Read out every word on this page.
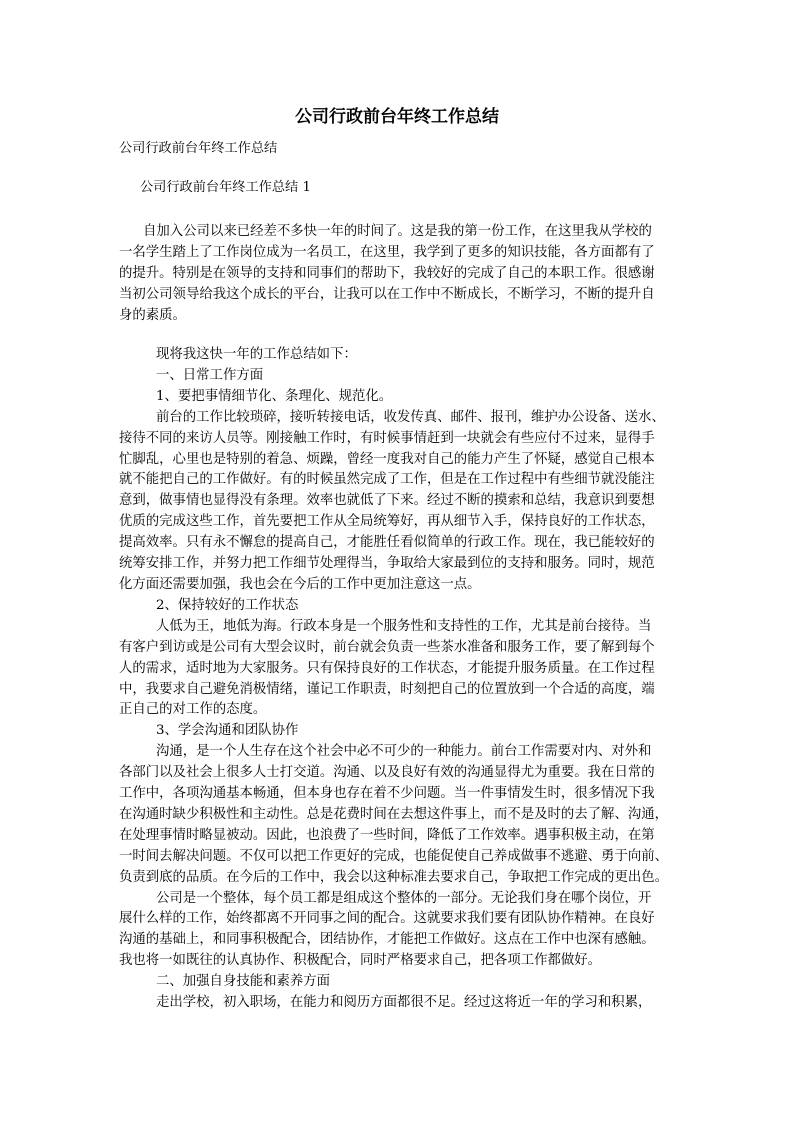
公司行政前台年终工作总结
公司行政前台年终工作总结
公司行政前台年终工作总结 1
自加入公司以来已经差不多快一年的时间了。这是我的第一份工作，在这里我从学校的
一名学生踏上了工作岗位成为一名员工，在这里，我学到了更多的知识技能，各方面都有了
的提升。特别是在领导的支持和同事们的帮助下，我较好的完成了自己的本职工作。很感谢
当初公司领导给我这个成长的平台，让我可以在工作中不断成长，不断学习，不断的提升自
身的素质。
现将我这快一年的工作总结如下：
一、日常工作方面
1、要把事情细节化、条理化、规范化。
前台的工作比较琐碎，接听转接电话，收发传真、邮件、报刊，维护办公设备、送水、
接待不同的来访人员等。刚接触工作时，有时候事情赶到一块就会有些应付不过来，显得手
忙脚乱，心里也是特别的着急、烦躁，曾经一度我对自己的能力产生了怀疑，感觉自己根本
就不能把自己的工作做好。有的时候虽然完成了工作，但是在工作过程中有些细节就没能注
意到，做事情也显得没有条理。效率也就低了下来。经过不断的摸索和总结，我意识到要想
优质的完成这些工作，首先要把工作从全局统筹好，再从细节入手，保持良好的工作状态，
提高效率。只有永不懈怠的提高自己，才能胜任看似简单的行政工作。现在，我已能较好的
统筹安排工作，并努力把工作细节处理得当，争取给大家最到位的支持和服务。同时，规范
化方面还需要加强，我也会在今后的工作中更加注意这一点。
2、保持较好的工作状态
人低为王，地低为海。行政本身是一个服务性和支持性的工作，尤其是前台接待。当
有客户到访或是公司有大型会议时，前台就会负责一些茶水准备和服务工作，要了解到每个
人的需求，适时地为大家服务。只有保持良好的工作状态，才能提升服务质量。在工作过程
中，我要求自己避免消极情绪，谨记工作职责，时刻把自己的位置放到一个合适的高度，端
正自己的对工作的态度。
3、学会沟通和团队协作
沟通，是一个人生存在这个社会中必不可少的一种能力。前台工作需要对内、对外和
各部门以及社会上很多人士打交道。沟通、以及良好有效的沟通显得尤为重要。我在日常的
工作中，各项沟通基本畅通，但本身也存在着不少问题。当一件事情发生时，很多情况下我
在沟通时缺少积极性和主动性。总是花费时间在去想这件事上，而不是及时的去了解、沟通，
在处理事情时略显被动。因此，也浪费了一些时间，降低了工作效率。遇事积极主动，在第
一时间去解决问题。不仅可以把工作更好的完成，也能促使自己养成做事不逃避、勇于向前、
负责到底的品质。在今后的工作中，我会以这种标准去要求自己，争取把工作完成的更出色。
公司是一个整体，每个员工都是组成这个整体的一部分。无论我们身在哪个岗位，开
展什么样的工作，始终都离不开同事之间的配合。这就要求我们要有团队协作精神。在良好
沟通的基础上，和同事积极配合，团结协作，才能把工作做好。这点在工作中也深有感触。
我也将一如既往的认真协作、积极配合，同时严格要求自己，把各项工作都做好。
二、加强自身技能和素养方面
走出学校，初入职场，在能力和阅历方面都很不足。经过这将近一年的学习和积累，
